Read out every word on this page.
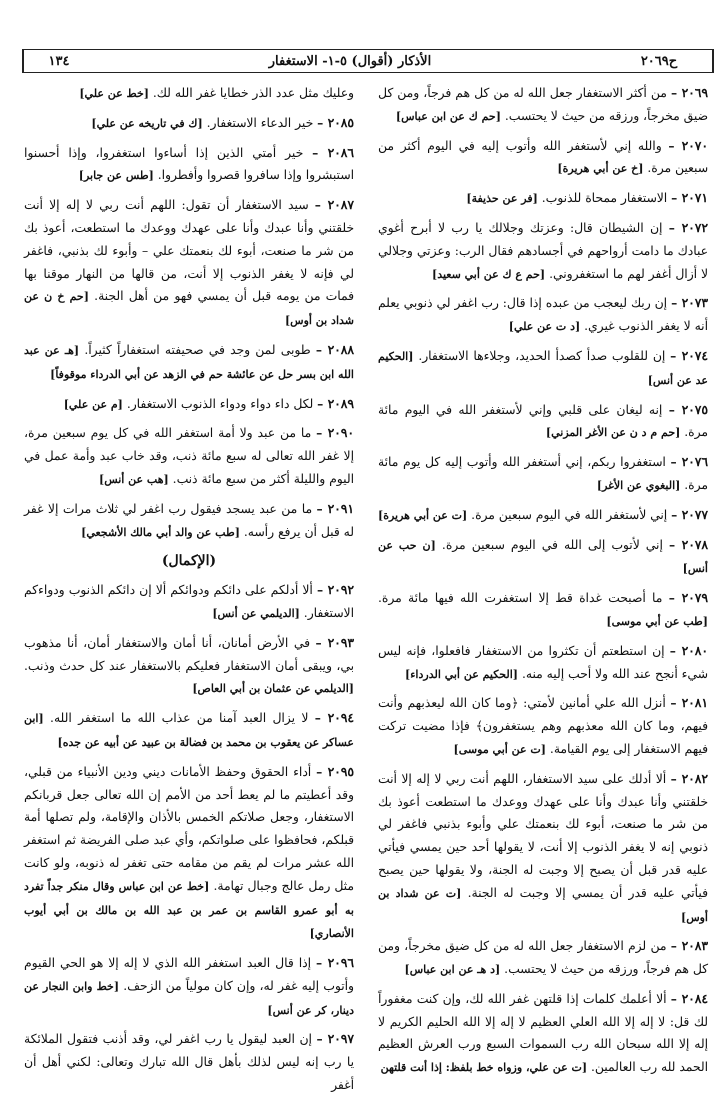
ح٢٠٦٩
الأذكار (أقوال) ٥-١- الاستغفار
١٣٤

٢٠٦٩ – من أكثر الاستغفار جعل الله له من كل هم فرجاً، ومن كل ضيق مخرجاً، ورزقه من حيث لا يحتسب. [حم ك عن ابن عباس]

٢٠٧٠ – والله إني لأستغفر الله وأتوب إليه في اليوم أكثر من سبعين مرة. [خ عن أبي هريرة]

٢٠٧١ – الاستغفار ممحاة للذنوب. [فر عن حذيفة]

٢٠٧٢ – إن الشيطان قال: وعزتك وجلالك يا رب لا أبرح أغوي عبادك ما دامت أرواحهم في أجسادهم فقال الرب: وعزتي وجلالي لا أزال أغفر لهم ما استغفروني. [حم ع ك عن أبي سعيد]

٢٠٧٣ – إن ربك ليعجب من عبده إذا قال: رب اغفر لي ذنوبي يعلم أنه لا يغفر الذنوب غيري. [د ت عن علي]

٢٠٧٤ – إن للقلوب صدأ كصدأ الحديد، وجلاءها الاستغفار. [الحكيم عد عن أنس]

٢٠٧٥ – إنه ليغان على قلبي وإني لأستغفر الله في اليوم مائة مرة. [حم م د ن عن الأغر المزني]

٢٠٧٦ – استغفروا ربكم، إني أستغفر الله وأتوب إليه كل يوم مائة مرة. [البغوي عن الأغر]

٢٠٧٧ – إني لأستغفر الله في اليوم سبعين مرة. [ت عن أبي هريرة]

٢٠٧٨ – إني لأتوب إلى الله في اليوم سبعين مرة. [ن حب عن أنس]

٢٠٧٩ – ما أصبحت غداة قط إلا استغفرت الله فيها مائة مرة. [طب عن أبي موسى]

٢٠٨٠ – إن استطعتم أن تكثروا من الاستغفار فافعلوا، فإنه ليس شيء أنجح عند الله ولا أحب إليه منه. [الحكيم عن أبي الدرداء]

٢٠٨١ – أنزل الله علي أمانين لأمتي: ﴿وما كان الله ليعذبهم وأنت فيهم، وما كان الله معذبهم وهم يستغفرون﴾ فإذا مضيت تركت فيهم الاستغفار إلى يوم القيامة. [ت عن أبي موسى]

٢٠٨٢ – ألا أدلك على سيد الاستغفار، اللهم أنت ربي لا إله إلا أنت خلقتني وأنا عبدك وأنا على عهدك ووعدك ما استطعت أعوذ بك من شر ما صنعت، أبوء لك بنعمتك علي وأبوء بذنبي فاغفر لي ذنوبي إنه لا يغفر الذنوب إلا أنت، لا يقولها أحد حين يمسي فيأتي عليه قدر قبل أن يصبح إلا وجبت له الجنة، ولا يقولها حين يصبح فيأتي عليه قدر أن يمسي إلا وجبت له الجنة. [ت عن شداد بن أوس]

٢٠٨٣ – من لزم الاستغفار جعل الله له من كل ضيق مخرجاً، ومن كل هم فرجاً، ورزقه من حيث لا يحتسب. [د هـ عن ابن عباس]

٢٠٨٤ – ألا أعلمك كلمات إذا قلتهن غفر الله لك، وإن كنت مغفوراً لك قل: لا إله إلا الله العلي العظيم لا إله إلا الله الحليم الكريم لا إله إلا الله سبحان الله رب السموات السبع ورب العرش العظيم الحمد لله رب العالمين. [ت عن علي، وزواه خط بلفظ: إذا أنت قلتهن

وعليك مثل عدد الذر خطايا غفر الله لك. [خط عن علي]

٢٠٨٥ – خير الدعاء الاستغفار. [ك في تاريخه عن علي]

٢٠٨٦ – خير أمتي الذين إذا أساءوا استغفروا، وإذا أحسنوا استبشروا وإذا سافروا قصروا وأفطروا. [طس عن جابر]

٢٠٨٧ – سيد الاستغفار أن تقول: اللهم أنت ربي لا إله إلا أنت خلقتني وأنا عبدك وأنا على عهدك ووعدك ما استطعت، أعوذ بك من شر ما صنعت، أبوء لك بنعمتك علي – وأبوء لك بذنبي، فاغفر لي فإنه لا يغفر الذنوب إلا أنت، من قالها من النهار موقنا بها فمات من يومه قبل أن يمسي فهو من أهل الجنة. [حم خ ن عن شداد بن أوس]

٢٠٨٨ – طوبى لمن وجد في صحيفته استغفاراً كثيراً. [هـ عن عبد الله ابن بسر حل عن عائشة حم في الزهد عن أبي الدرداء موقوفاً]

٢٠٨٩ – لكل داء دواء ودواء الذنوب الاستغفار. [م عن علي]

٢٠٩٠ – ما من عبد ولا أمة استغفر الله في كل يوم سبعين مرة، إلا غفر الله تعالى له سبع مائة ذنب، وقد خاب عبد وأمة عمل في اليوم والليلة أكثر من سبع مائة ذنب. [هب عن أنس]

٢٠٩١ – ما من عبد يسجد فيقول رب اغفر لي ثلاث مرات إلا غفر له قبل أن يرفع رأسه. [طب عن والد أبي مالك الأشجعي]

(الإكمال)

٢٠٩٢ – ألا أدلكم على دائكم ودوائكم ألا إن دائكم الذنوب ودواءكم الاستغفار. [الديلمي عن أنس]

٢٠٩٣ – في الأرض أمانان، أنا أمان والاستغفار أمان، أنا مذهوب بي، ويبقى أمان الاستغفار فعليكم بالاستغفار عند كل حدث وذنب. [الديلمي عن عثمان بن أبي العاص]

٢٠٩٤ – لا يزال العبد آمنا من عذاب الله ما استغفر الله. [ابن عساكر عن يعقوب بن محمد بن فضالة بن عبيد عن أبيه عن جده]

٢٠٩٥ – أداء الحقوق وحفظ الأمانات ديني ودين الأنبياء من قبلي، وقد أعطيتم ما لم يعط أحد من الأمم إن الله تعالى جعل قربانكم الاستغفار، وجعل صلاتكم الخمس بالأذان والإقامة، ولم تصلها أمة قبلكم، فحافظوا على صلواتكم، وأي عبد صلى الفريضة ثم استغفر الله عشر مرات لم يقم من مقامه حتى تغفر له ذنوبه، ولو كانت مثل رمل عالج وجبال تهامة. [خط عن ابن عباس وقال منكر جداً تفرد به أبو عمرو القاسم بن عمر بن عبد الله بن مالك بن أبي أيوب الأنصاري]

٢٠٩٦ – إذا قال العبد استغفر الله الذي لا إله إلا هو الحي القيوم وأتوب إليه غفر له، وإن كان مولياً من الزحف. [خط وابن النجار عن دينار، كر عن أنس]

٢٠٩٧ – إن العبد ليقول يا رب اغفر لي، وقد أذنب فتقول الملائكة يا رب إنه ليس لذلك بأهل قال الله تبارك وتعالى: لكني أهل أن أغفر
